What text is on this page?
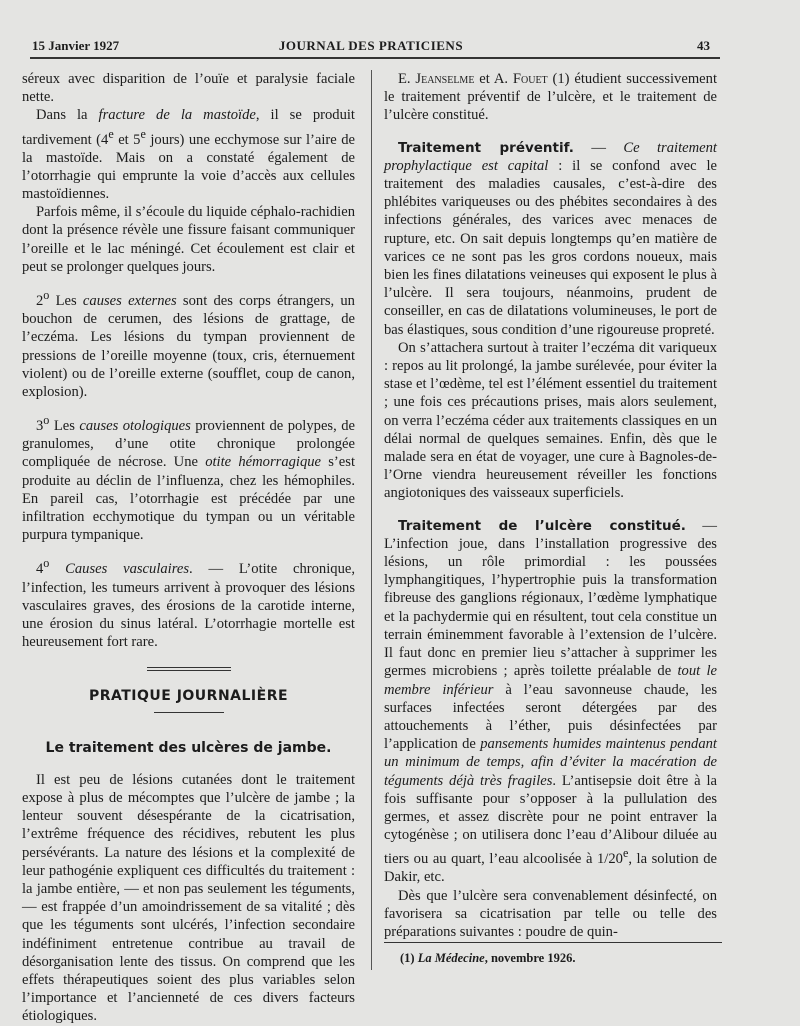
15 Janvier 1927	JOURNAL DES PRATICIENS	43

séreux avec disparition de l’ouïe et paralysie faciale nette.

Dans la fracture de la mastoïde, il se produit tardivement (4e et 5e jours) une ecchymose sur l’aire de la mastoïde. Mais on a constaté également de l’otorrhagie qui emprunte la voie d’accès aux cellules mastoïdiennes.

Parfois même, il s’écoule du liquide céphalo-rachidien dont la présence révèle une fissure faisant communiquer l’oreille et le lac méningé. Cet écoulement est clair et peut se prolonger quelques jours.

2$^o$ Les causes externes sont des corps étrangers, un bouchon de cerumen, des lésions de grattage, de l’eczéma. Les lésions du tympan proviennent de pressions de l’oreille moyenne (toux, cris, éternuement violent) ou de l’oreille externe (soufflet, coup de canon, explosion).

3$^o$ Les causes otologiques proviennent de polypes, de granulomes, d’une otite chronique prolongée compliquée de nécrose. Une otite hémorragique s’est produite au déclin de l’influenza, chez les hémophiles. En pareil cas, l’otorrhagie est précédée par une infiltration ecchymotique du tympan ou un véritable purpura tympanique.

4$^o$ Causes vasculaires. — L’otite chronique, l’infection, les tumeurs arrivent à provoquer des lésions vasculaires graves, des érosions de la carotide interne, une érosion du sinus latéral. L’otorrhagie mortelle est heureusement fort rare.

PRATIQUE JOURNALIÈRE
Le traitement des ulcères de jambe.

Il est peu de lésions cutanées dont le traitement expose à plus de mécomptes que l’ulcère de jambe ; la lenteur souvent désespérante de la cicatrisation, l’extrême fréquence des récidives, rebutent les plus persévérants. La nature des lésions et la complexité de leur pathogénie expliquent ces difficultés du traitement : la jambe entière, — et non pas seulement les téguments, — est frappée d’un amoindrissement de sa vitalité ; dès que les téguments sont ulcérés, l’infection secondaire indéfiniment entretenue contribue au travail de désorganisation lente des tissus. On comprend que les effets thérapeutiques soient des plus variables selon l’importance et l’ancienneté de ces divers facteurs étiologiques.

E. Jeanselme et A. Fouet (1) étudient successivement le traitement préventif de l’ulcère, et le traitement de l’ulcère constitué.

Traitement préventif. — Ce traitement prophylactique est capital : il se confond avec le traitement des maladies causales, c’est-à-dire des phlébites variqueuses ou des phébites secondaires à des infections générales, des varices avec menaces de rupture, etc. On sait depuis longtemps qu’en matière de varices ce ne sont pas les gros cordons noueux, mais bien les fines dilatations veineuses qui exposent le plus à l’ulcère. Il sera toujours, néanmoins, prudent de conseiller, en cas de dilatations volumineuses, le port de bas élastiques, sous condition d’une rigoureuse propreté.

On s’attachera surtout à traiter l’eczéma dit variqueux : repos au lit prolongé, la jambe surélevée, pour éviter la stase et l’œdème, tel est l’élément essentiel du traitement ; une fois ces précautions prises, mais alors seulement, on verra l’eczéma céder aux traitements classiques en un délai normal de quelques semaines. Enfin, dès que le malade sera en état de voyager, une cure à Bagnoles-de-l’Orne viendra heureusement réveiller les fonctions angiotoniques des vaisseaux superficiels.

Traitement de l’ulcère constitué. — L’infection joue, dans l’installation progressive des lésions, un rôle primordial : les poussées lymphangitiques, l’hypertrophie puis la transformation fibreuse des ganglions régionaux, l’œdème lymphatique et la pachydermie qui en résultent, tout cela constitue un terrain éminemment favorable à l’extension de l’ulcère. Il faut donc en premier lieu s’attacher à supprimer les germes microbiens ; après toilette préalable de tout le membre inférieur à l’eau savonneuse chaude, les surfaces infectées seront détergées par des attouchements à l’éther, puis désinfectées par l’application de pansements humides maintenus pendant un minimum de temps, afin d’éviter la macération de téguments déjà très fragiles. L’antisepsie doit être à la fois suffisante pour s’opposer à la pullulation des germes, et assez discrète pour ne point entraver la cytogénèse ; on utilisera donc l’eau d’Alibour diluée au tiers ou au quart, l’eau alcoolisée à 1/20e, la solution de Dakir, etc.

Dès que l’ulcère sera convenablement désinfecté, on favorisera sa cicatrisation par telle ou telle des préparations suivantes : poudre de quin-

(1) La Médecine, novembre 1926.
